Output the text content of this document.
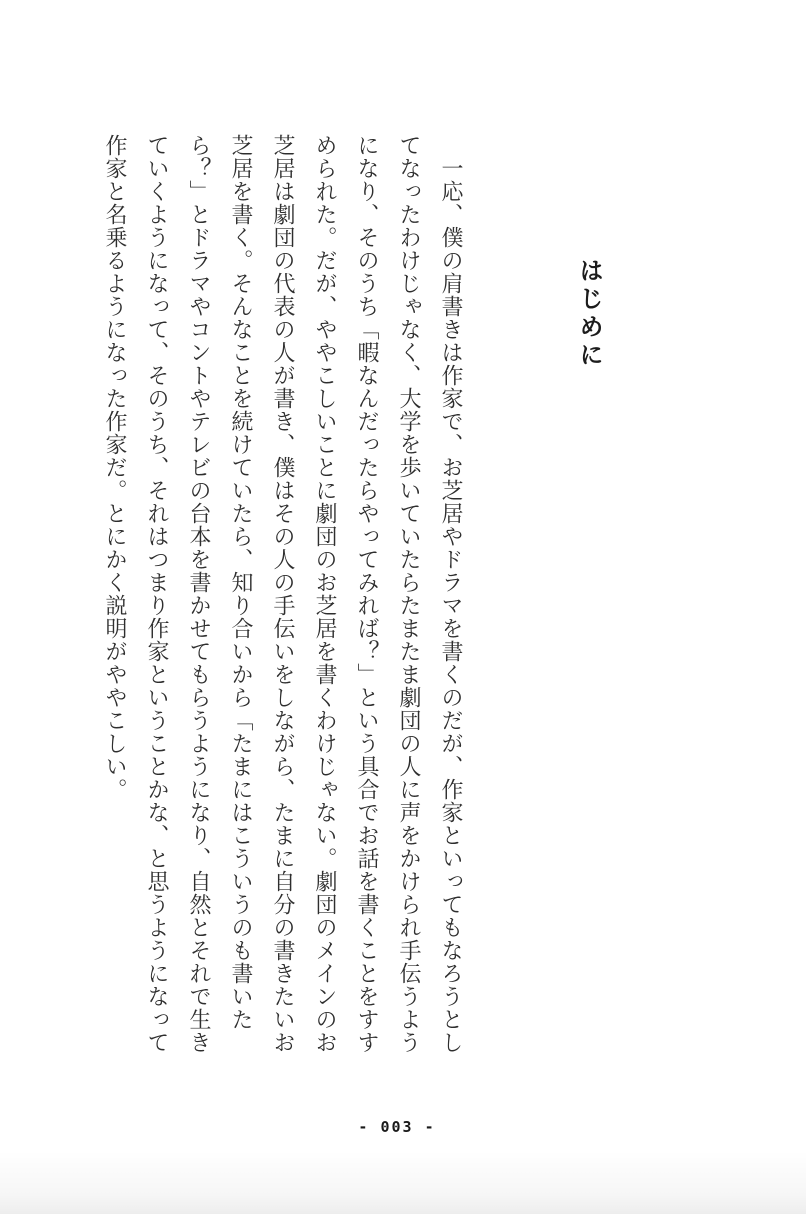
はじめに
　一応、僕の肩書きは作家で、お芝居やドラマを書くのだが、作家といってもなろうとし
てなったわけじゃなく、大学を歩いていたらたまたま劇団の人に声をかけられ手伝うよう
になり、そのうち「暇なんだったらやってみれば？」という具合でお話を書くことをすす
められた。だが、ややこしいことに劇団のお芝居を書くわけじゃない。劇団のメインのお
芝居は劇団の代表の人が書き、僕はその人の手伝いをしながら、たまに自分の書きたいお
芝居を書く。そんなことを続けていたら、知り合いから「たまにはこういうのも書いた
ら？」とドラマやコントやテレビの台本を書かせてもらうようになり、自然とそれで生き
ていくようになって、そのうち、それはつまり作家ということかな、と思うようになって
作家と名乗るようになった作家だ。とにかく説明がややこしい。
- 003 -
